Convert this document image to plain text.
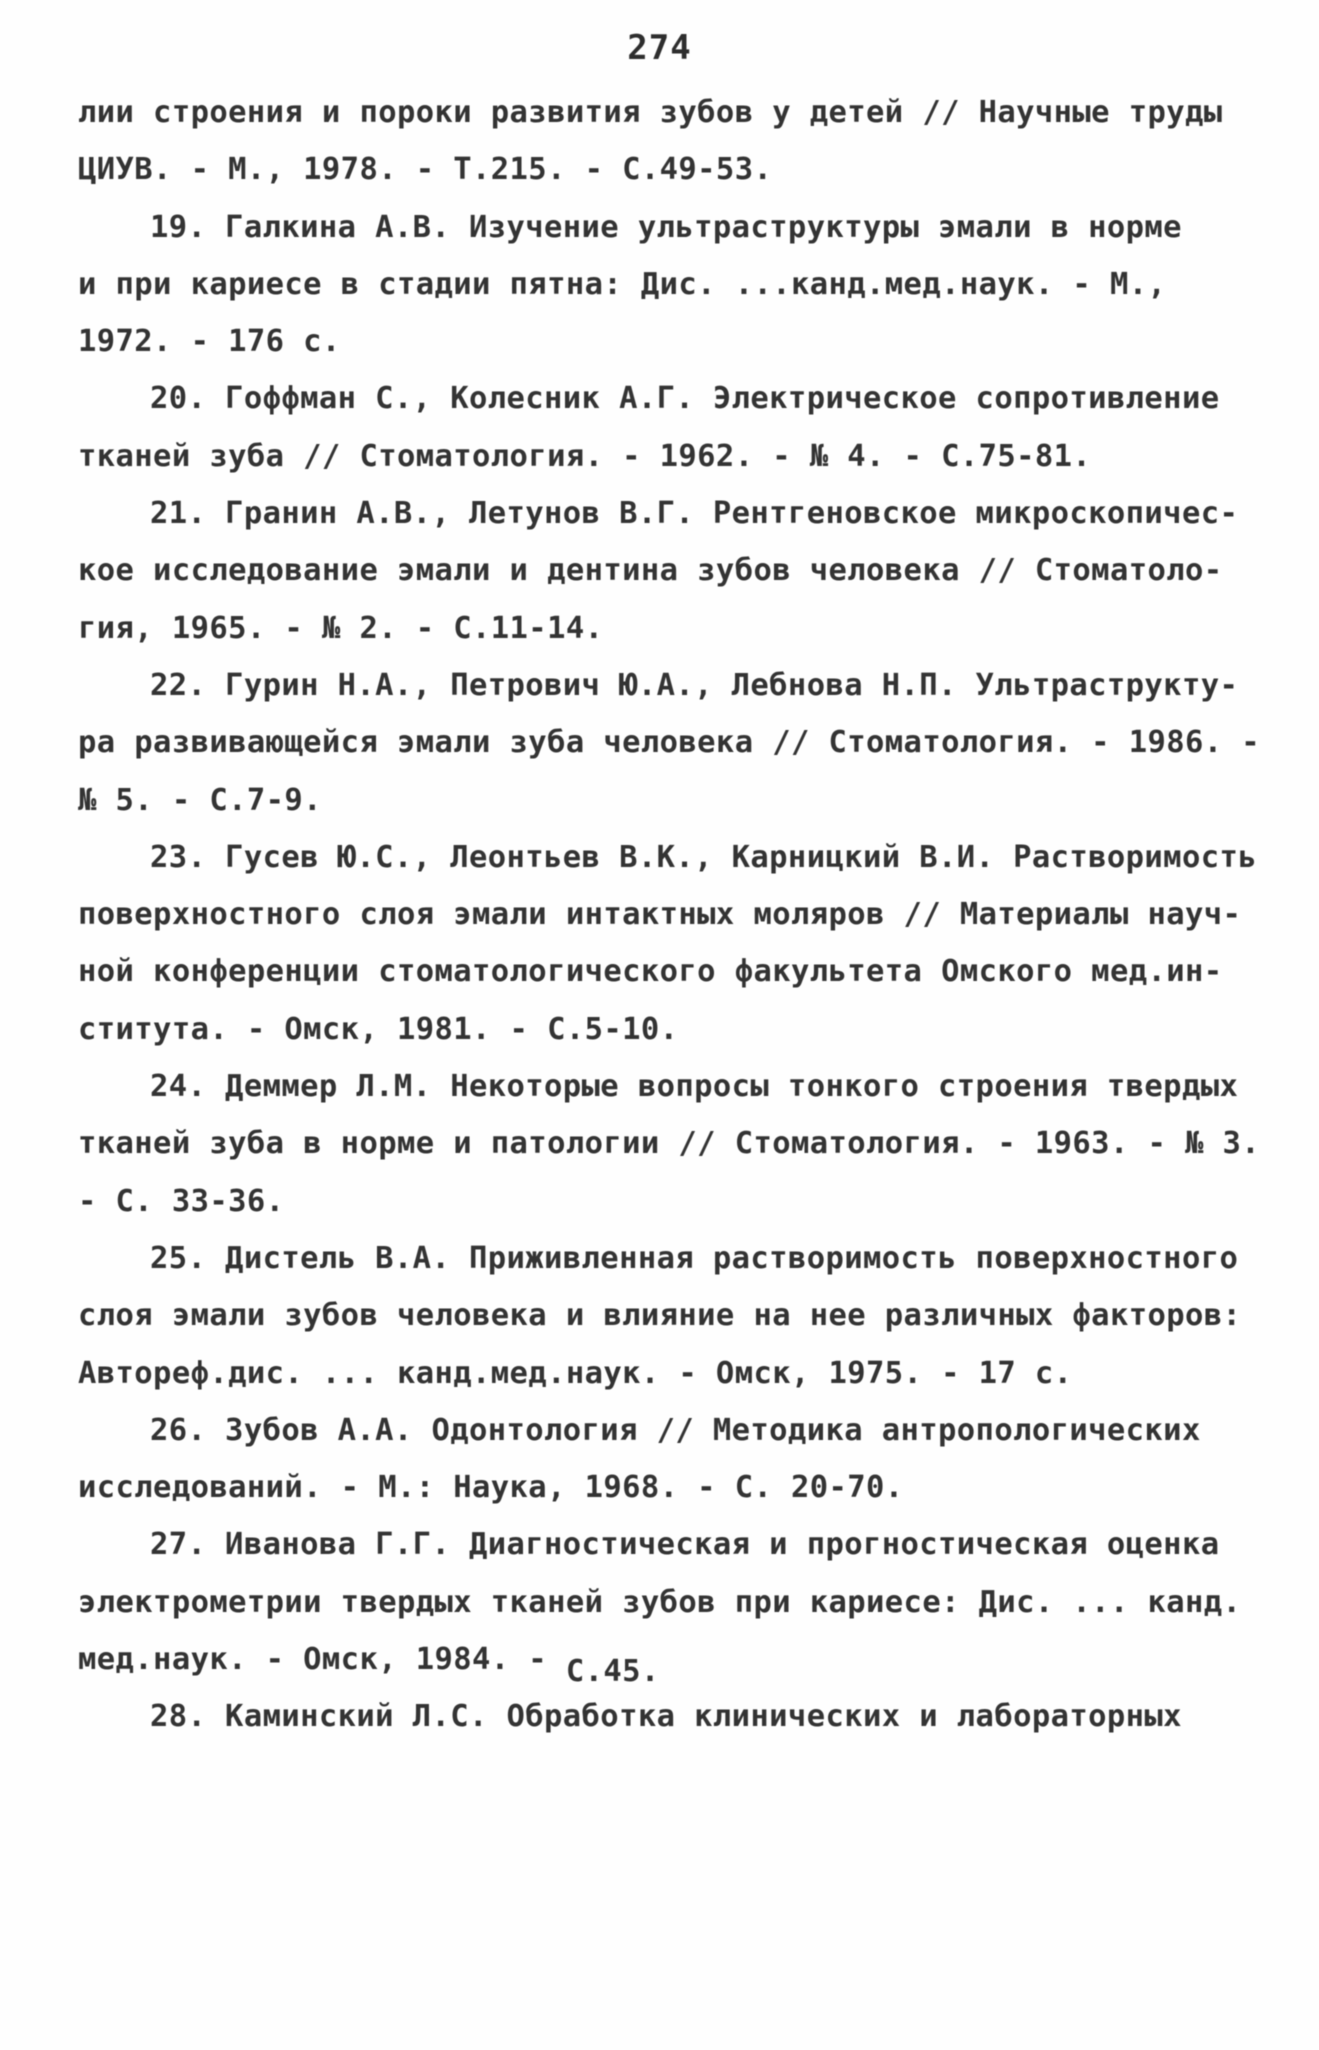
274
лии строения и пороки развития зубов у детей // Научные труды
ЦИУВ. - М., 1978. - Т.215. - С.49-53.
19. Галкина А.В. Изучение ультраструктуры эмали в норме
и при кариесе в стадии пятна: Дис. ...канд.мед.наук. - М.,
1972. - 176 с.
20. Гоффман С., Колесник А.Г. Электрическое сопротивление
тканей зуба // Стоматология. - 1962. - № 4. - С.75-81.
21. Гранин А.В., Летунов В.Г. Рентгеновское микроскопичес-
кое исследование эмали и дентина зубов человека // Стоматоло-
гия, 1965. - № 2. - С.11-14.
22. Гурин Н.А., Петрович Ю.А., Лебнова Н.П. Ультраструкту-
ра развивающейся эмали зуба человека // Стоматология. - 1986. -
№ 5. - С.7-9.
23. Гусев Ю.С., Леонтьев В.К., Карницкий В.И. Растворимость
поверхностного слоя эмали интактных моляров // Материалы науч-
ной конференции стоматологического факультета Омского мед.ин-
ститута. - Омск, 1981. - С.5-10.
24. Деммер Л.М. Некоторые вопросы тонкого строения твердых
тканей зуба в норме и патологии // Стоматология. - 1963. - № 3.
- С. 33-36.
25. Дистель В.А. Приживленная растворимость поверхностного
слоя эмали зубов человека и влияние на нее различных факторов:
Автореф.дис. ... канд.мед.наук. - Омск, 1975. - 17 с.
26. Зубов А.А. Одонтология // Методика антропологических
исследований. - М.: Наука, 1968. - С. 20-70.
27. Иванова Г.Г. Диагностическая и прогностическая оценка
электрометрии твердых тканей зубов при кариесе: Дис. ... канд.
мед.наук. - Омск, 1984. - С.45.
28. Каминский Л.С. Обработка клинических и лабораторных
